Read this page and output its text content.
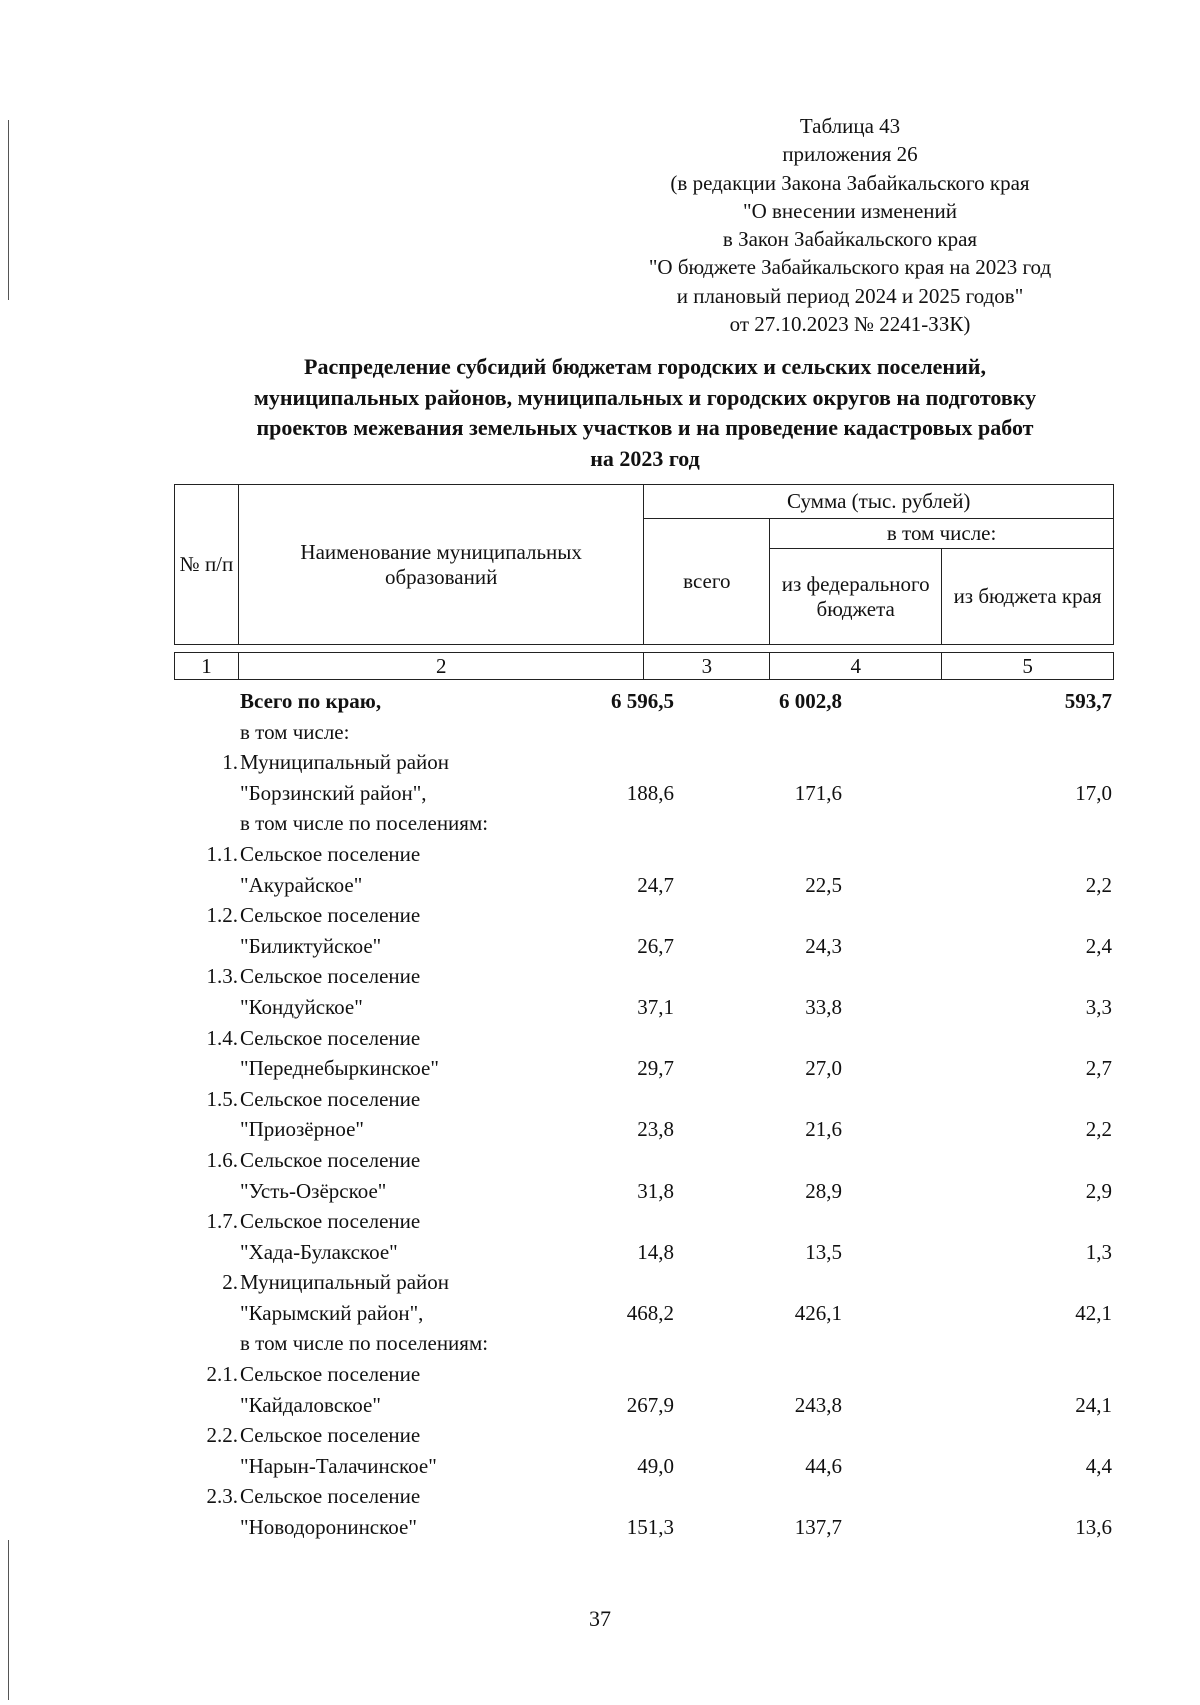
Таблица 43
приложения 26
(в редакции Закона Забайкальского края
"О внесении изменений
в Закон Забайкальского края
"О бюджете Забайкальского края на 2023 год
и плановый период 2024 и 2025 годов"
от 27.10.2023 № 2241-ЗЗК)
Распределение субсидий бюджетам городских и сельских поселений,
муниципальных районов, муниципальных и городских округов на подготовку
проектов межевания земельных участков и на проведение кадастровых работ
на 2023 год
№ п/п	Наименование муниципальных образований	Сумма (тыс. рублей)		
		всего	в том числе:	
			из федерального бюджета	из бюджета края
1	2	3	4	5
Всего по краю,	6 596,5	6 002,8	593,7
в том числе:
1. Муниципальный район
"Борзинский район",	188,6	171,6	17,0
в том числе по поселениям:
1.1. Сельское поселение
"Акурайское"	24,7	22,5	2,2
1.2. Сельское поселение
"Биликтуйское"	26,7	24,3	2,4
1.3. Сельское поселение
"Кондуйское"	37,1	33,8	3,3
1.4. Сельское поселение
"Переднебыркинское"	29,7	27,0	2,7
1.5. Сельское поселение
"Приозёрное"	23,8	21,6	2,2
1.6. Сельское поселение
"Усть-Озёрское"	31,8	28,9	2,9
1.7. Сельское поселение
"Хада-Булакское"	14,8	13,5	1,3
2. Муниципальный район
"Карымский район",	468,2	426,1	42,1
в том числе по поселениям:
2.1. Сельское поселение
"Кайдаловское"	267,9	243,8	24,1
2.2. Сельское поселение
"Нарын-Талачинское"	49,0	44,6	4,4
2.3. Сельское поселение
"Новодоронинское"	151,3	137,7	13,6
37
